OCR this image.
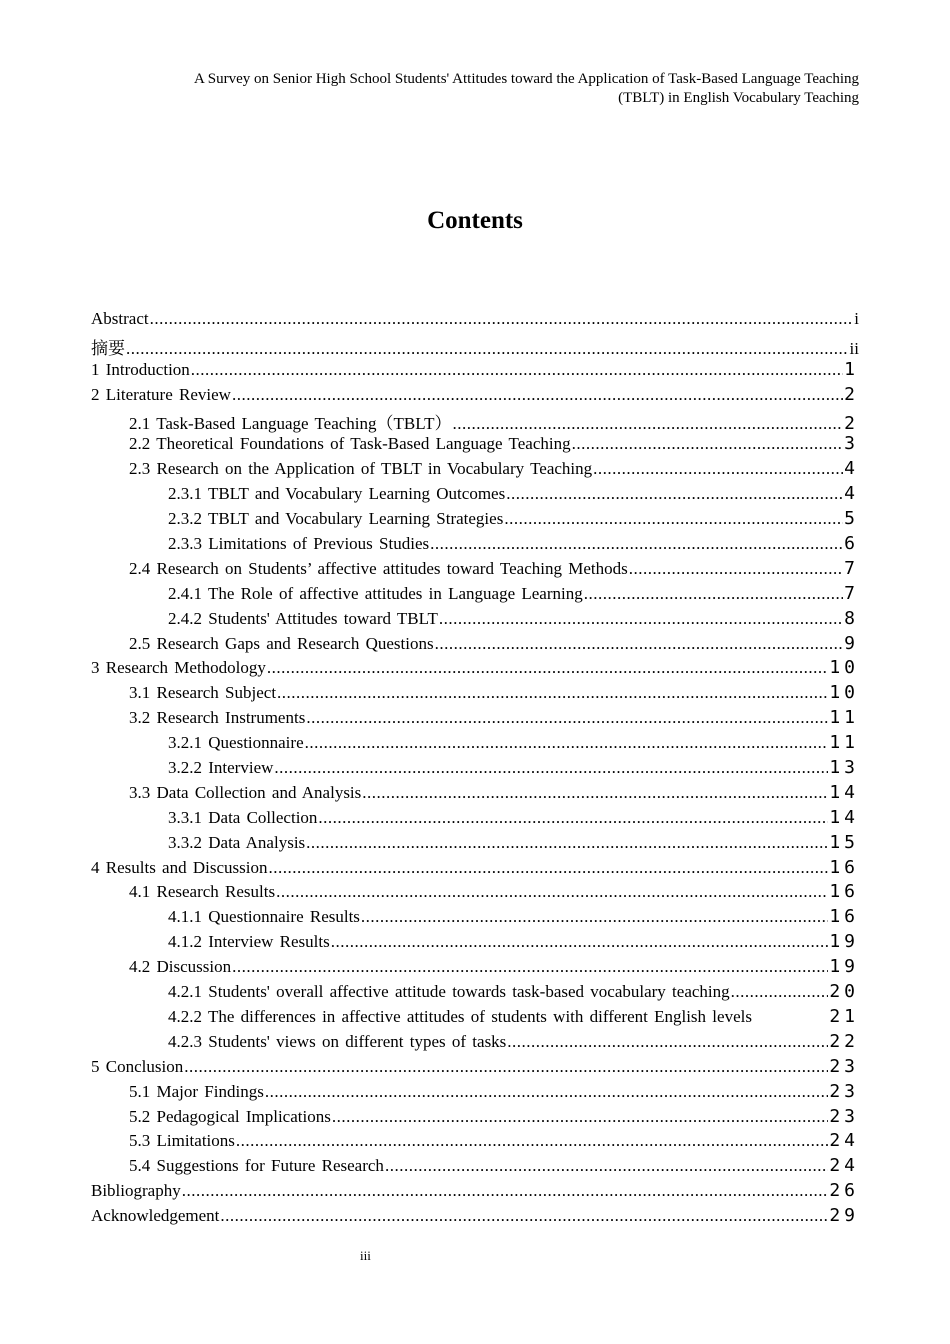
A Survey on Senior High School Students' Attitudes toward the Application of Task-Based Language Teaching
(TBLT) in English Vocabulary Teaching
Contents
Abstract .....	i
摘要 .....	ii
1 Introduction .....	1
2 Literature Review .....	2
2.1 Task-Based Language Teaching（TBLT） .....	2
2.2 Theoretical Foundations of Task-Based Language Teaching .....	3
2.3 Research on the Application of TBLT in Vocabulary Teaching .....	4
2.3.1 TBLT and Vocabulary Learning Outcomes .....	4
2.3.2 TBLT and Vocabulary Learning Strategies .....	5
2.3.3 Limitations of Previous Studies .....	6
2.4 Research on Students’ affective attitudes toward Teaching Methods .....	7
2.4.1 The Role of affective attitudes in Language Learning .....	7
2.4.2 Students' Attitudes toward TBLT .....	8
2.5 Research Gaps and Research Questions .....	9
3 Research Methodology .....	10
3.1 Research Subject .....	10
3.2 Research Instruments .....	11
3.2.1 Questionnaire .....	11
3.2.2 Interview .....	13
3.3 Data Collection and Analysis .....	14
3.3.1 Data Collection .....	14
3.3.2 Data Analysis .....	15
4 Results and Discussion .....	16
4.1 Research Results .....	16
4.1.1 Questionnaire Results .....	16
4.1.2 Interview Results .....	19
4.2 Discussion .....	19
4.2.1 Students' overall affective attitude towards task-based vocabulary teaching .....	20
4.2.2 The differences in affective attitudes of students with different English levels	21
4.2.3 Students' views on different types of tasks .....	22
5 Conclusion .....	23
5.1 Major Findings .....	23
5.2 Pedagogical Implications .....	23
5.3 Limitations .....	24
5.4 Suggestions for Future Research .....	24
Bibliography .....	26
Acknowledgement .....	29
iii
